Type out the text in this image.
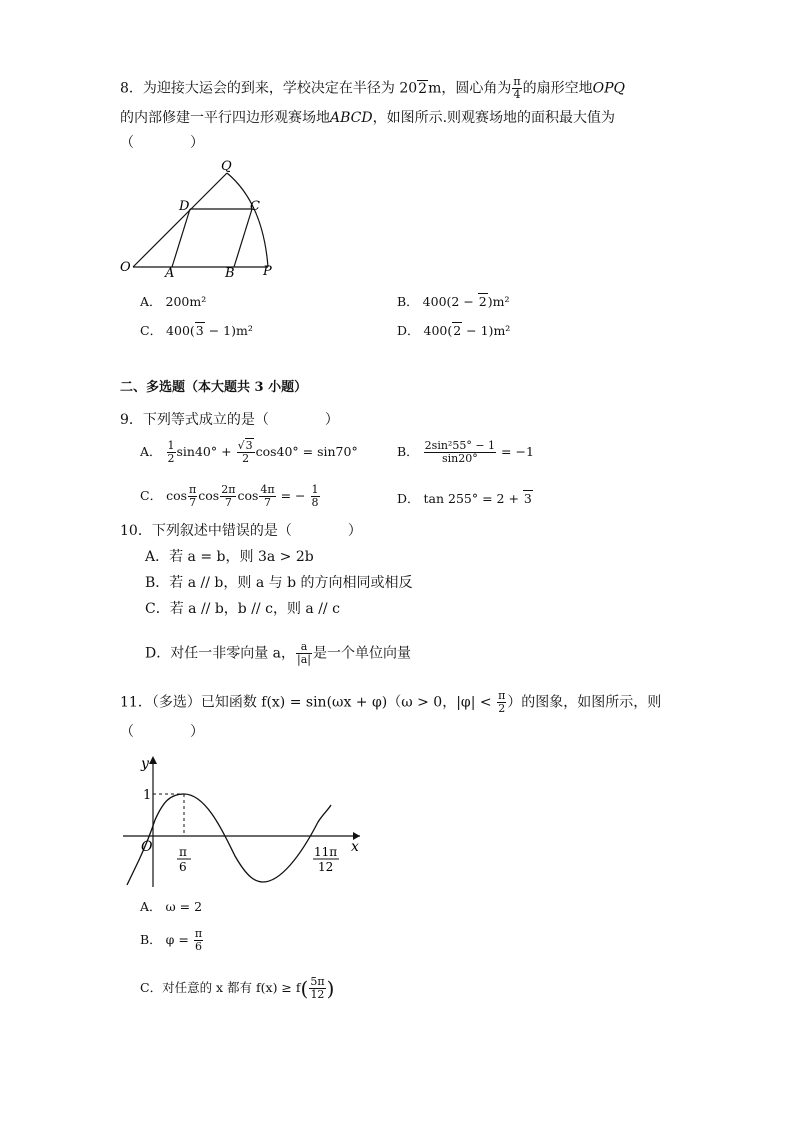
8．为迎接大运会的到来，学校决定在半径为 202m，圆心角为 $\frac{\pi}{4}$ 的扇形空地OPQ
的内部修建一平行四边形观赛场地ABCD，如图所示.则观赛场地的面积最大值为
（　　　　）
Q
D	C
O	A	B P
A． 200m²	B． 400(2 − 2)m²
C． 400(3 − 1)m²	D． 400(2 − 1)m²
二、多选题（本大题共 3 小题）
9．下列等式成立的是（　　　　）
A． $\frac{1}{2} \sin 40^\circ + \frac{√3}{2} \cos 40^\circ = \sin 70^\circ$	B． $\frac{\text{2sin²55° − 1}}{\sin 20^\circ} = -1$
C． $\cos \frac{\pi}{7}$ $\cos \frac{2\pi}{7}$ $\cos \frac{4\pi}{7}$ = − $\frac{1}{8}$	D． tan 255° = 2 + 3
10．下列叙述中错误的是（　　　　）
A．若 a = b，则 3a > 2b
B．若 a // b，则 a 与 b 的方向相同或相反
C．若 a // b，b // c，则 a // c
D．对任一非零向量 a， $\frac{a}{|a|}$ 是一个单位向量
11．（多选）已知函数 f(x) = sin(ωx + φ)（ω > 0，$|\varphi| < \frac{\pi}{2}$ ）的图象，如图所示，则
（　　　　）
y
x
O
1
π
6
11π
12
A． ω = 2
B． $\varphi = \frac{\pi}{6}$
C．对任意的 x 都有 $f(x) \ge f( \frac{5\pi}{12}$ )
